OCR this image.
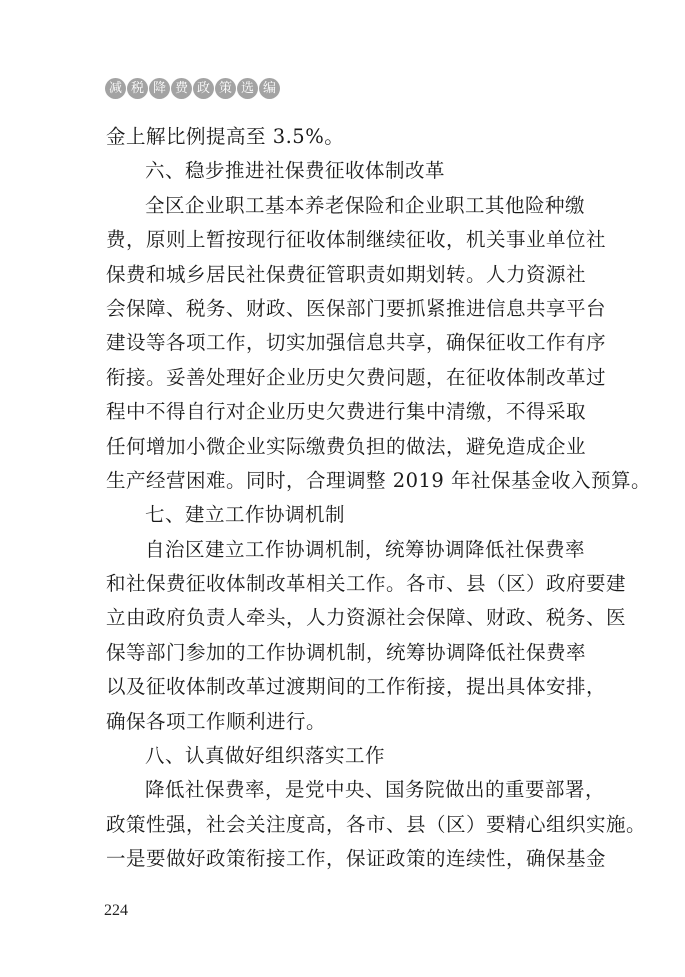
减 税 降 费 政 策 选 编
金上解比例提高至 3.5%。
六、稳步推进社保费征收体制改革
全区企业职工基本养老保险和企业职工其他险种缴
费，原则上暂按现行征收体制继续征收，机关事业单位社
保费和城乡居民社保费征管职责如期划转。人力资源社
会保障、税务、财政、医保部门要抓紧推进信息共享平台
建设等各项工作，切实加强信息共享，确保征收工作有序
衔接。妥善处理好企业历史欠费问题，在征收体制改革过
程中不得自行对企业历史欠费进行集中清缴，不得采取
任何增加小微企业实际缴费负担的做法，避免造成企业
生产经营困难。同时，合理调整 2019 年社保基金收入预算。
七、建立工作协调机制
自治区建立工作协调机制，统筹协调降低社保费率
和社保费征收体制改革相关工作。各市、县（区）政府要建
立由政府负责人牵头，人力资源社会保障、财政、税务、医
保等部门参加的工作协调机制，统筹协调降低社保费率
以及征收体制改革过渡期间的工作衔接，提出具体安排，
确保各项工作顺利进行。
八、认真做好组织落实工作
降低社保费率，是党中央、国务院做出的重要部署，
政策性强，社会关注度高，各市、县（区）要精心组织实施。
一是要做好政策衔接工作，保证政策的连续性，确保基金
224
